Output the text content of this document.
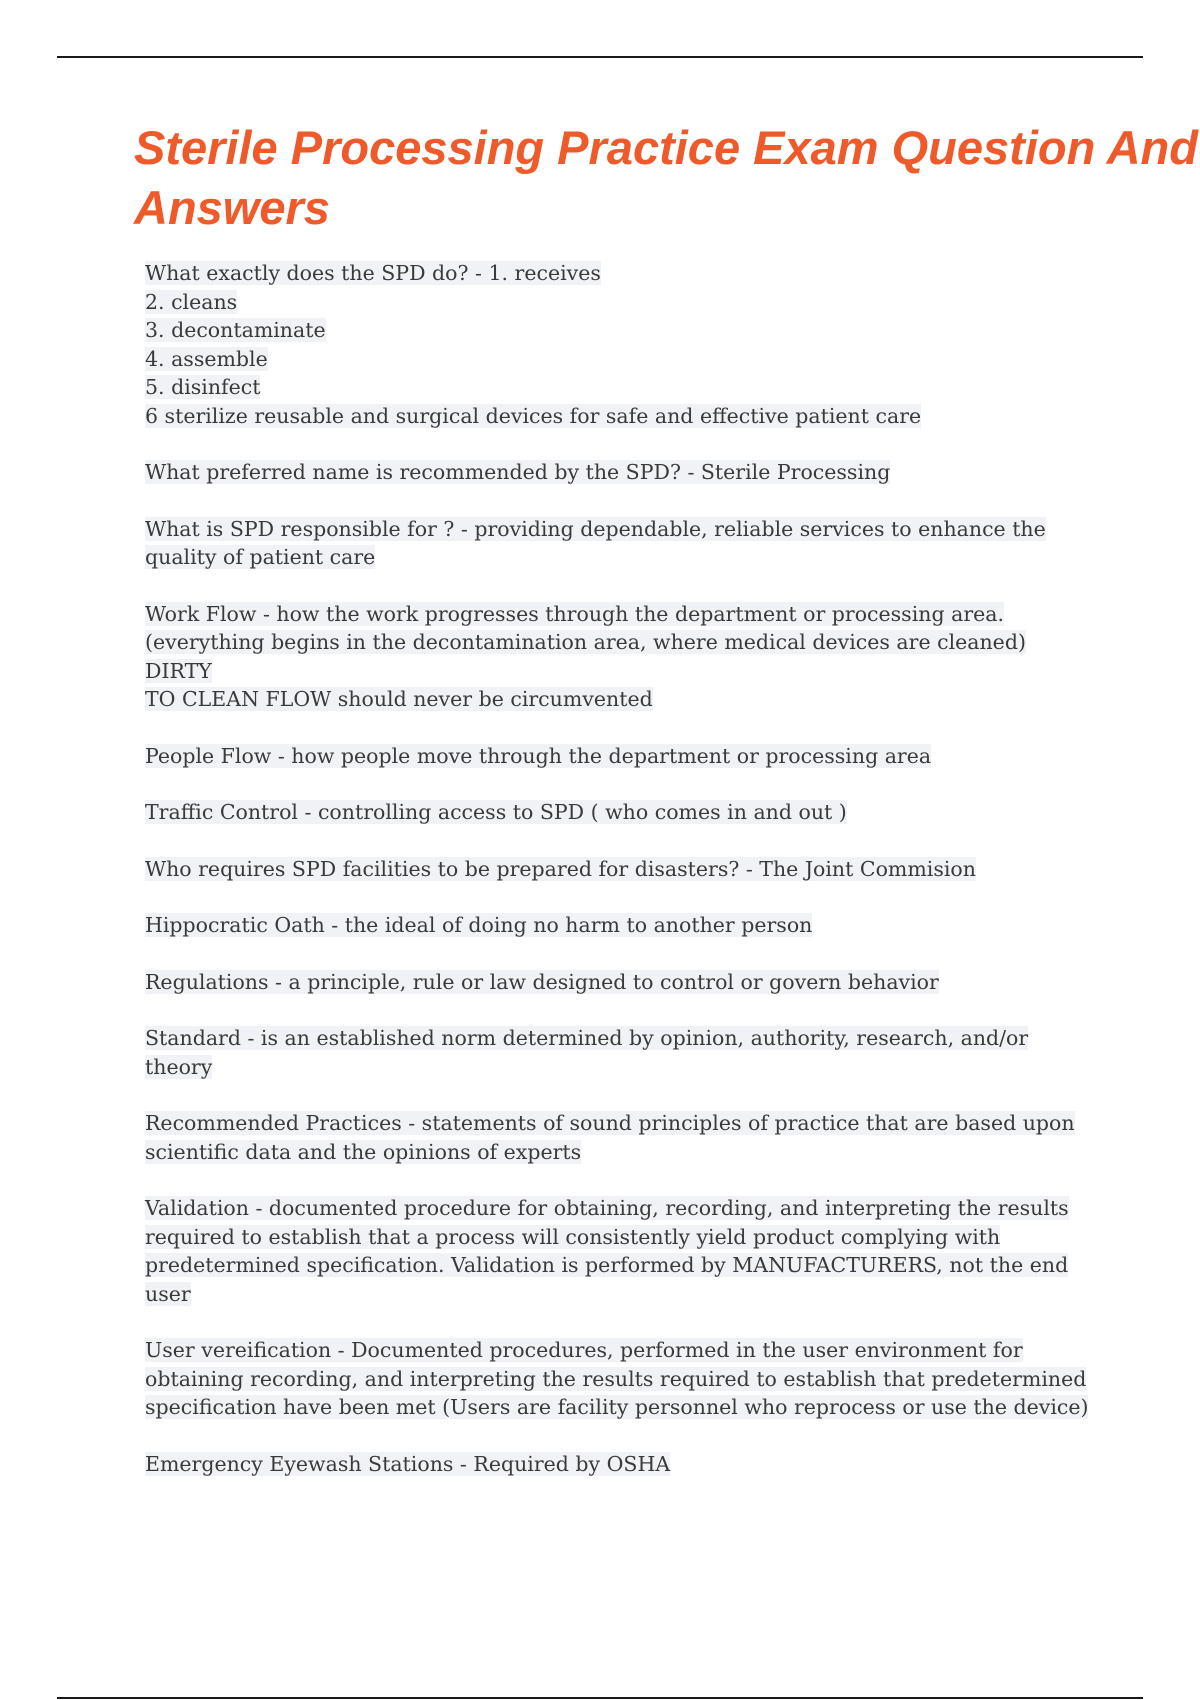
Sterile Processing Practice Exam Question And
Answers
What exactly does the SPD do? - 1. receives
2. cleans
3. decontaminate
4. assemble
5. disinfect
6 sterilize reusable and surgical devices for safe and effective patient care
What preferred name is recommended by the SPD? - Sterile Processing
What is SPD responsible for ? - providing dependable, reliable services to enhance the
quality of patient care
Work Flow - how the work progresses through the department or processing area.
(everything begins in the decontamination area, where medical devices are cleaned) DIRTY
TO CLEAN FLOW should never be circumvented
People Flow - how people move through the department or processing area
Traffic Control - controlling access to SPD ( who comes in and out )
Who requires SPD facilities to be prepared for disasters? - The Joint Commision
Hippocratic Oath - the ideal of doing no harm to another person
Regulations - a principle, rule or law designed to control or govern behavior
Standard - is an established norm determined by opinion, authority, research, and/or
theory
Recommended Practices - statements of sound principles of practice that are based upon
scientific data and the opinions of experts
Validation - documented procedure for obtaining, recording, and interpreting the results
required to establish that a process will consistently yield product complying with
predetermined specification. Validation is performed by MANUFACTURERS, not the end
user
User vereification - Documented procedures, performed in the user environment for
obtaining recording, and interpreting the results required to establish that predetermined
specification have been met (Users are facility personnel who reprocess or use the device)
Emergency Eyewash Stations - Required by OSHA
